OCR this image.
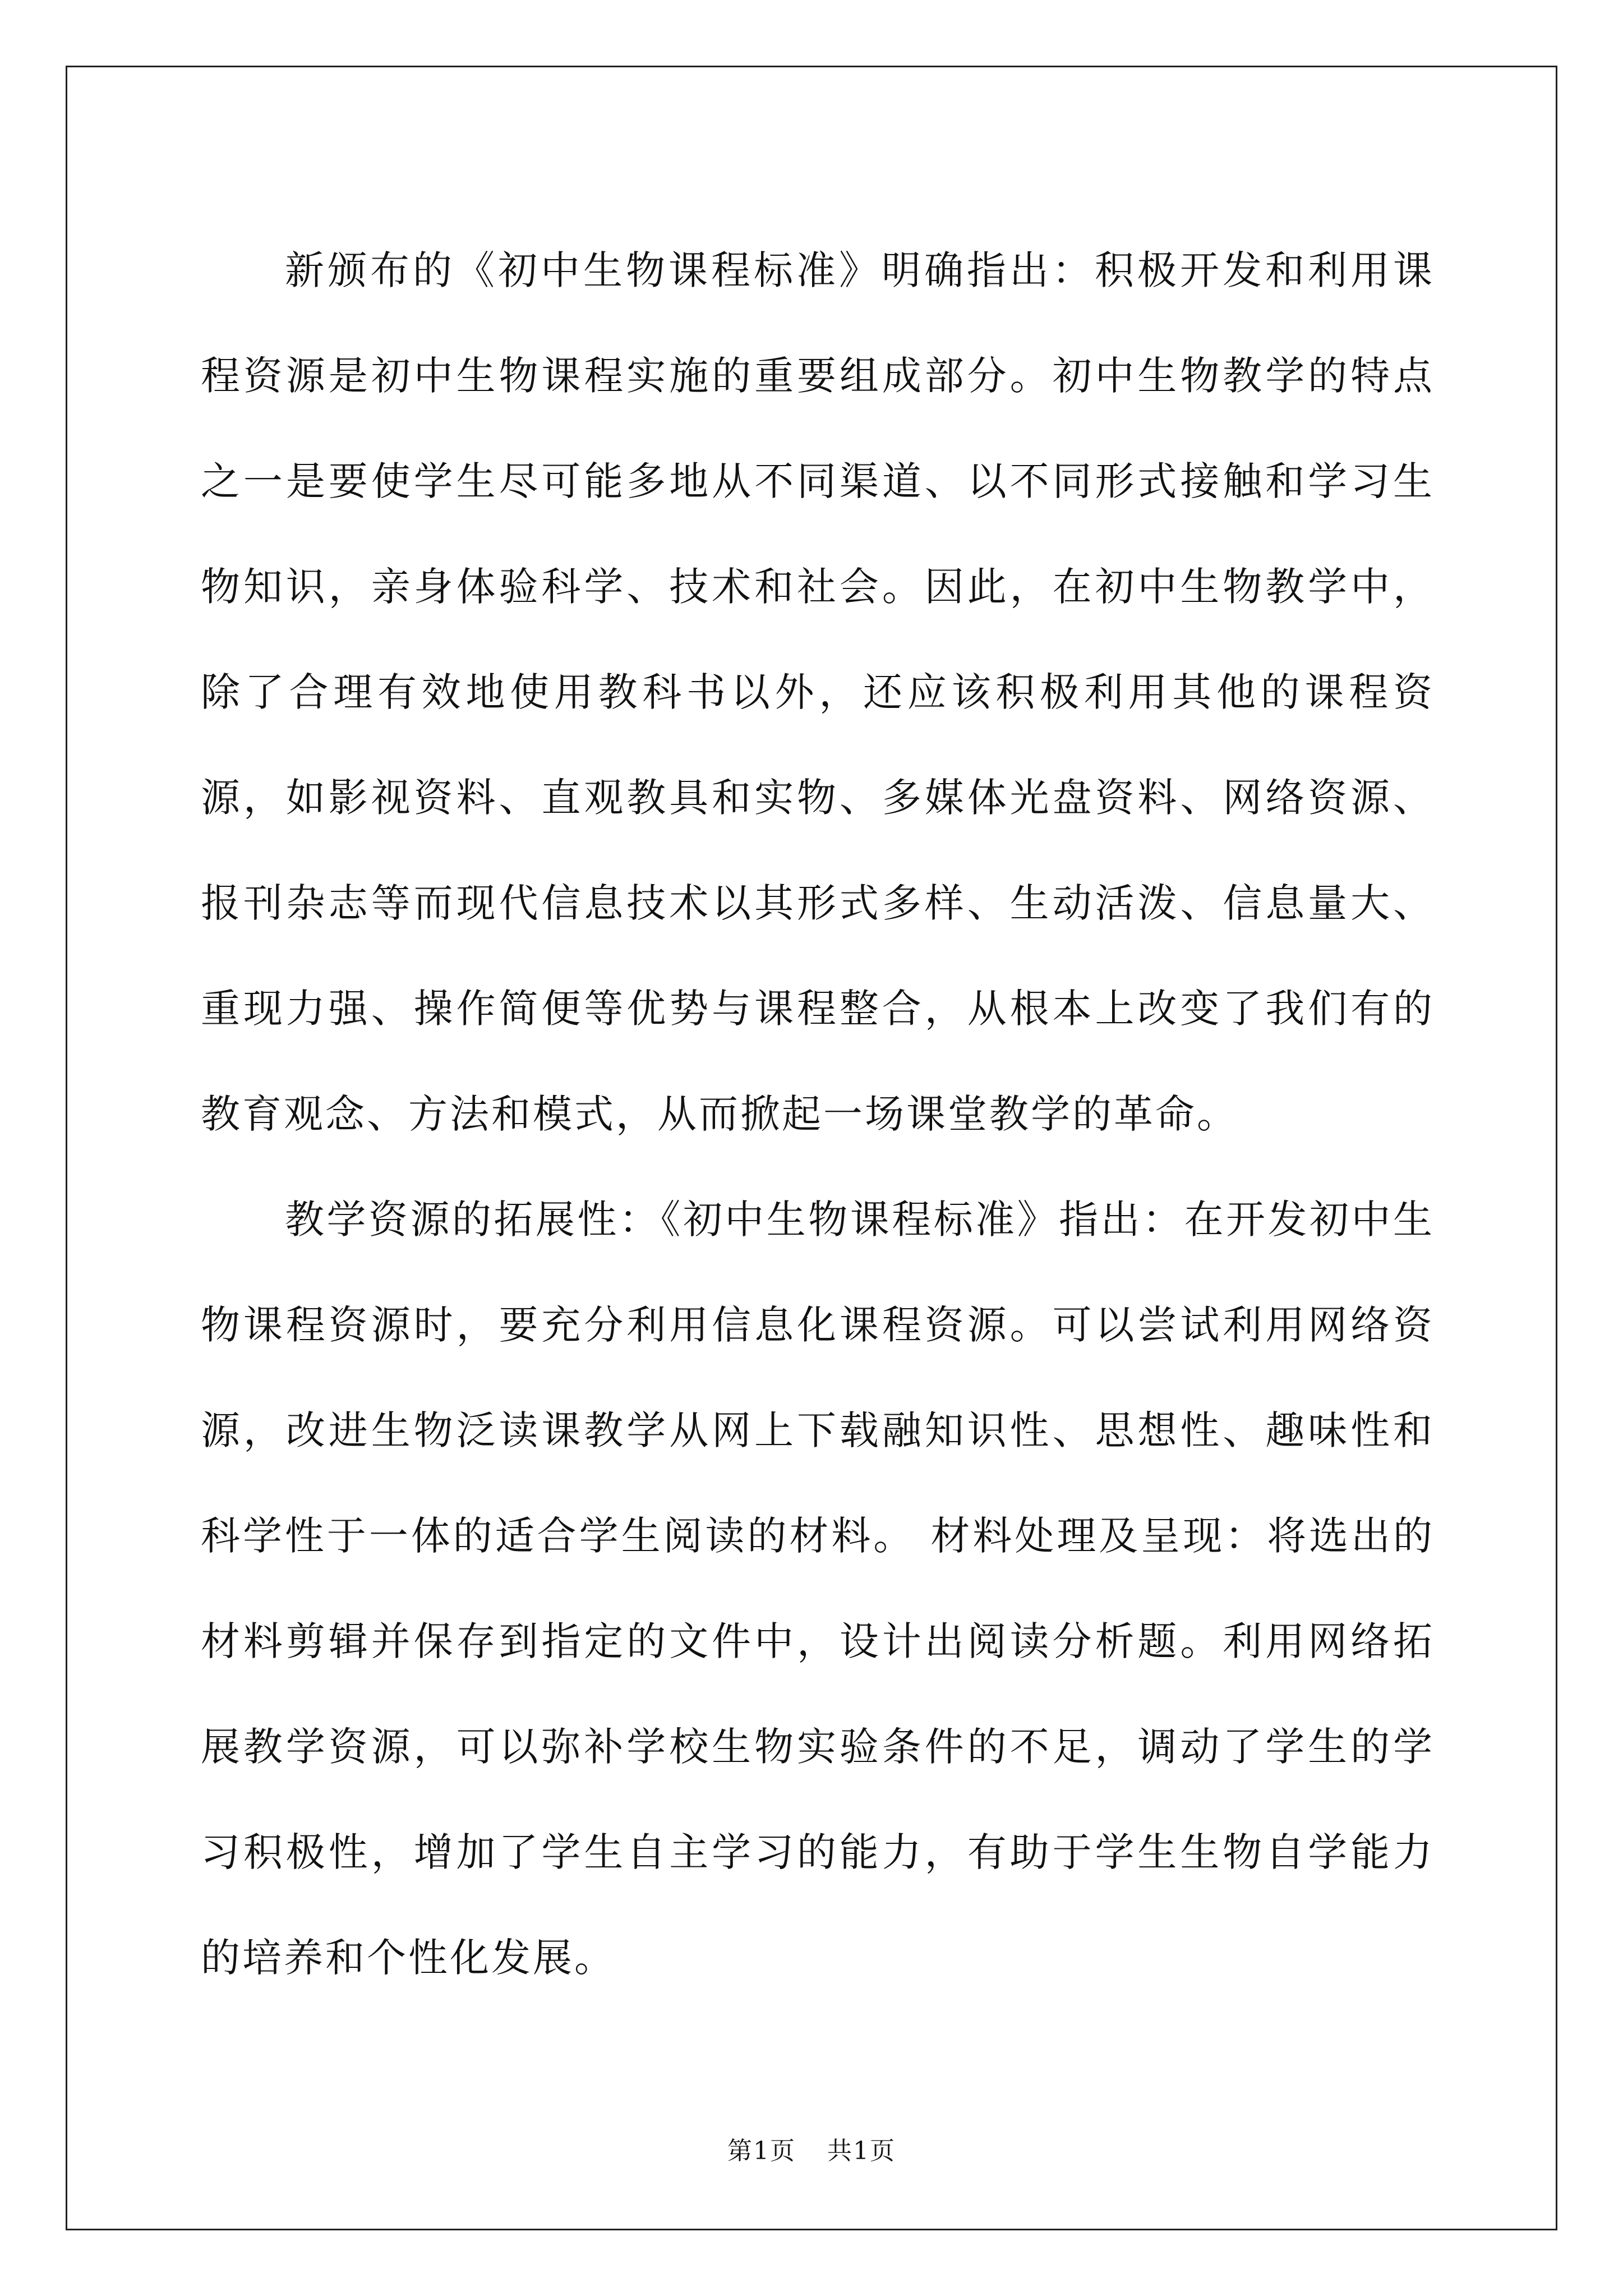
新颁布的《初中生物课程标准》明确指出：积极开发和利用课程资源是初中生物课程实施的重要组成部分。初中生物教学的特点之一是要使学生尽可能多地从不同渠道、以不同形式接触和学习生物知识，亲身体验科学、技术和社会。因此，在初中生物教学中，除了合理有效地使用教科书以外，还应该积极利用其他的课程资源，如影视资料、直观教具和实物、多媒体光盘资料、网络资源、报刊杂志等而现代信息技术以其形式多样、生动活泼、信息量大、重现力强、操作简便等优势与课程整合，从根本上改变了我们有的教育观念、方法和模式，从而掀起一场课堂教学的革命。

教学资源的拓展性：《初中生物课程标准》指出：在开发初中生物课程资源时，要充分利用信息化课程资源。可以尝试利用网络资源，改进生物泛读课教学从网上下载融知识性、思想性、趣味性和科学性于一体的适合学生阅读的材料。 材料处理及呈现：将选出的材料剪辑并保存到指定的文件中，设计出阅读分析题。利用网络拓展教学资源，可以弥补学校生物实验条件的不足，调动了学生的学习积极性，增加了学生自主学习的能力，有助于学生生物自学能力的培养和个性化发展。

第1页 共1页
